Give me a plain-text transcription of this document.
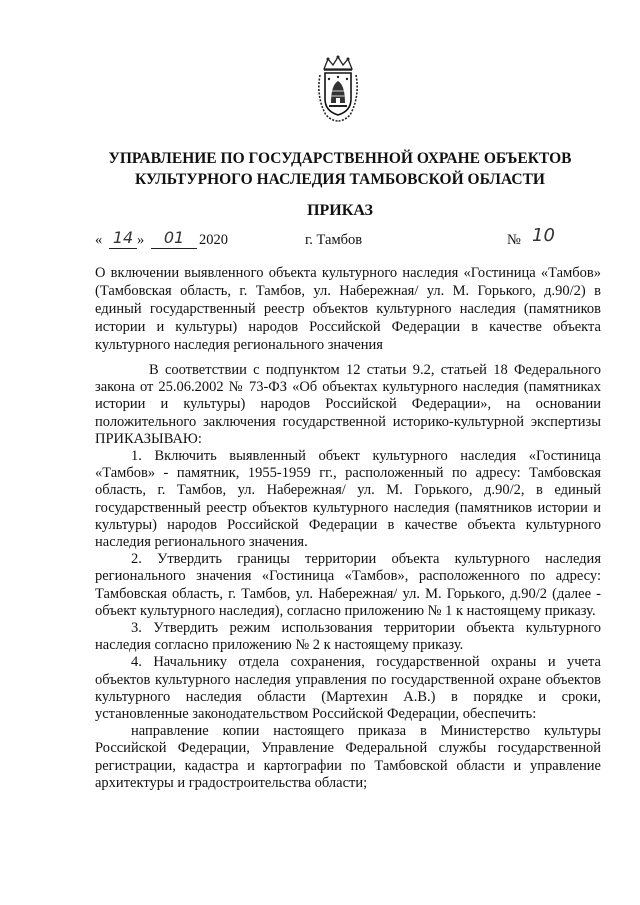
УПРАВЛЕНИЕ ПО ГОСУДАРСТВЕННОЙ ОХРАНЕ ОБЪЕКТОВ
КУЛЬТУРНОГО НАСЛЕДИЯ ТАМБОВСКОЙ ОБЛАСТИ
ПРИКАЗ
« 14 »	01	2020	г. Тамбов	№ 10
О включении выявленного объекта культурного наследия «Гостиница «Тамбов» (Тамбовская область, г. Тамбов, ул. Набережная/ ул. М. Горького, д.90/2) в единый государственный реестр объектов культурного наследия (памятников истории и культуры) народов Российской Федерации в качестве объекта культурного наследия регионального значения

В соответствии с подпунктом 12 статьи 9.2, статьей 18 Федерального закона от 25.06.2002 № 73-ФЗ «Об объектах культурного наследия (памятниках истории и культуры) народов Российской Федерации», на основании положительного заключения государственной историко-культурной экспертизы ПРИКАЗЫВАЮ:

1. Включить выявленный объект культурного наследия «Гостиница «Тамбов» - памятник, 1955-1959 гг., расположенный по адресу: Тамбовская область, г. Тамбов, ул. Набережная/ ул. М. Горького, д.90/2, в единый государственный реестр объектов культурного наследия (памятников истории и культуры) народов Российской Федерации в качестве объекта культурного наследия регионального значения.

2. Утвердить границы территории объекта культурного наследия регионального значения «Гостиница «Тамбов», расположенного по адресу: Тамбовская область, г. Тамбов, ул. Набережная/ ул. М. Горького, д.90/2 (далее - объект культурного наследия), согласно приложению № 1 к настоящему приказу.

3. Утвердить режим использования территории объекта культурного наследия согласно приложению № 2 к настоящему приказу.

4. Начальнику отдела сохранения, государственной охраны и учета объектов культурного наследия управления по государственной охране объектов культурного наследия области (Мартехин А.В.) в порядке и сроки, установленные законодательством Российской Федерации, обеспечить:

направление копии настоящего приказа в Министерство культуры Российской Федерации, Управление Федеральной службы государственной регистрации, кадастра и картографии по Тамбовской области и управление архитектуры и градостроительства области;
